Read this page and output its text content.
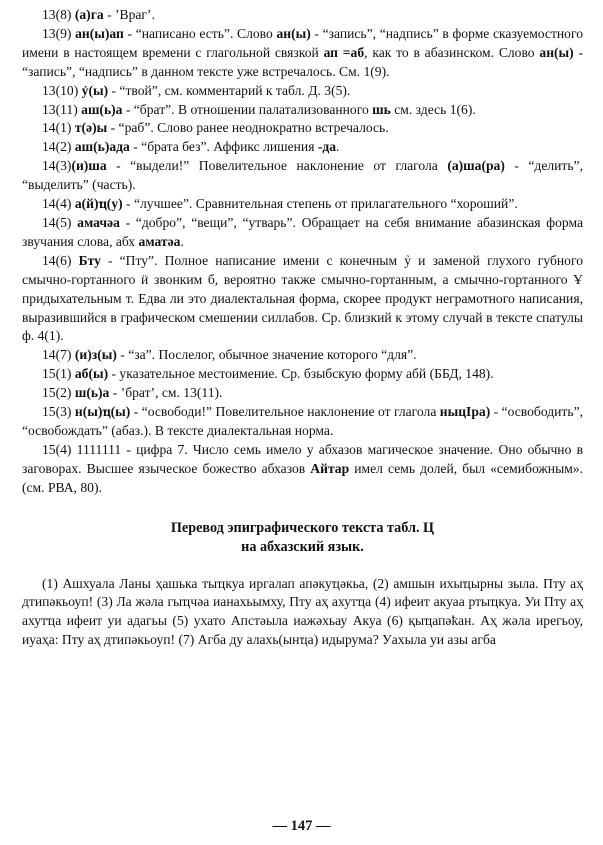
13(8) (а)га - ’Враг’.

13(9) ан(ы)ап - “написано есть”. Слово ан(ы) - “запись”, “надпись” в форме сказуемостного имени в настоящем времени с глагольной связкой ап =аб, как то в абазинском. Слово ан(ы) - “запись”, “надпись” в данном тексте уже встречалось. См. 1(9).

13(10) ỷ(ы) - “твой”, см. комментарий к табл. Д. 3(5).

13(11) аш(ь)а - “брат”. В отношении палатализованного шь см. здесь 1(6).

14(1) т(ә)ы - “раб”. Слово ранее неоднократно встречалось.

14(2) аш(ь)ада - “брата без”. Аффикс лишения -да.

14(3)(и)ша - “выдели!” Повелительное наклонение от глагола (а)ша(ра) - “делить”, “выделить” (часть).

14(4) а(й)ҵ(у) - “лучшее”. Сравнительная степень от прилагательного “хороший”.

14(5) амачәа - “добро”, “вещи”, “утварь”. Обращает на себя внимание абазинская форма звучания слова, абх аматәа.

14(6) Бту - “Пту”. Полное написание имени с конечным ỷ и заменой глухого губного смычно-гортанного ӥ звонким б, вероятно также смычно-гортанным, а смычно-гортанного Ұ придыхательным т. Едва ли это диалектальная форма, скорее продукт неграмотного написания, выразившийся в графическом смешении силлабов. Ср. близкий к этому случай в тексте спатулы ф. 4(1).

14(7) (и)з(ы) - “за”. Послелог, обычное значение которого “для”.

15(1) аб(ы) - указательное местоимение. Ср. бзыбскую форму абй (ББД, 148).

15(2) ш(ь)а - ’брат’, см. 13(11).

15(3) н(ы)ҵ(ы) - “освободи!” Повелительное наклонение от глагола ныцIра) - “освободить”, “освобождать” (абаз.). В тексте диалектальная норма.

15(4) 1111111 - цифра 7. Число семь имело у абхазов магическое значение. Оно обычно в заговорах. Высшее языческое божество абхазов Айтар имел семь долей, был «семибожным». (см. РВА, 80).

Перевод эпиграфического текста табл. Ц
на абхазский язык.

(1) Ашхуала Ланы ҳашька тыҵкуа иргалап апәкуҵәкьа, (2) амшын ихыҵырны зыла. Пту аҳ дтипәкьоуп! (3) Ла жәла гыҵчәа ианахьымху, Пту аҳ ахутҵа (4) ифеит акуаа ртыҵкуа. Уи Пту аҳ ахутҵа ифеит уи адагьы (5) ухато Апстәыла иажәхьау Акуа (6) қыҵапәҟан. Аҳ жәла ирегьоу, иуаҳа: Пту аҳ дтипәкьоуп! (7) Агба ду алахь(ынҵа) идырума? Уахыла уи азы агба

— 147 —
